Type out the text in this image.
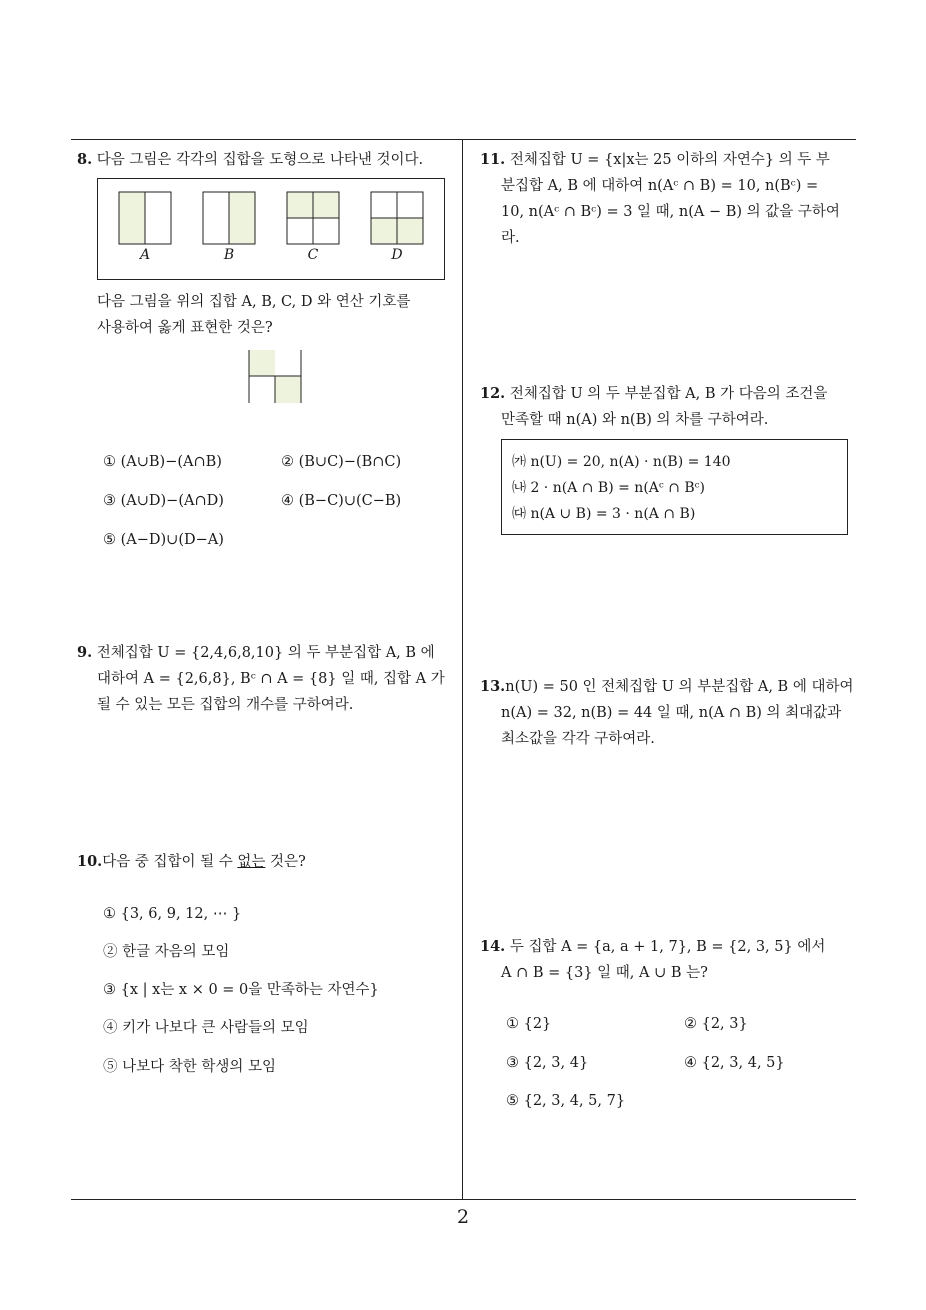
8. 다음 그림은 각각의 집합을 도형으로 나타낸 것이다.
A	B	C	D
다음 그림을 위의 집합 A, B, C, D 와 연산 기호를
사용하여 옳게 표현한 것은?
① (A∪B)−(A∩B)	② (B∪C)−(B∩C)
③ (A∪D)−(A∩D)	④ (B−C)∪(C−B)
⑤ (A−D)∪(D−A)
9. 전체집합 U = {2,4,6,8,10} 의 두 부분집합 A, B 에
대하여 A = {2,6,8}, Bᶜ ∩ A = {8} 일 때, 집합 A 가
될 수 있는 모든 집합의 개수를 구하여라.
10.다음 중 집합이 될 수 없는 것은?
① {3, 6, 9, 12, ⋯ }
② 한글 자음의 모임
③ {x | x는 x × 0 = 0을 만족하는 자연수}
④ 키가 나보다 큰 사람들의 모임
⑤ 나보다 착한 학생의 모임
11. 전체집합 U = {x|x는 25 이하의 자연수} 의 두 부
분집합 A, B 에 대하여 n(Aᶜ ∩ B) = 10, n(Bᶜ) =
10, n(Aᶜ ∩ Bᶜ) = 3 일 때, n(A − B) 의 값을 구하여
라.
12. 전체집합 U 의 두 부분집합 A, B 가 다음의 조건을
만족할 때 n(A) 와 n(B) 의 차를 구하여라.
㈎ n(U) = 20, n(A) · n(B) = 140
㈏ 2 · n(A ∩ B) = n(Aᶜ ∩ Bᶜ)
㈐ n(A ∪ B) = 3 · n(A ∩ B)
13.n(U) = 50 인 전체집합 U 의 부분집합 A, B 에 대하여
n(A) = 32, n(B) = 44 일 때, n(A ∩ B) 의 최대값과
최소값을 각각 구하여라.
14. 두 집합 A = {a, a + 1, 7}, B = {2, 3, 5} 에서
A ∩ B = {3} 일 때, A ∪ B 는?
① {2}	② {2, 3}
③ {2, 3, 4}	④ {2, 3, 4, 5}
⑤ {2, 3, 4, 5, 7}
2
